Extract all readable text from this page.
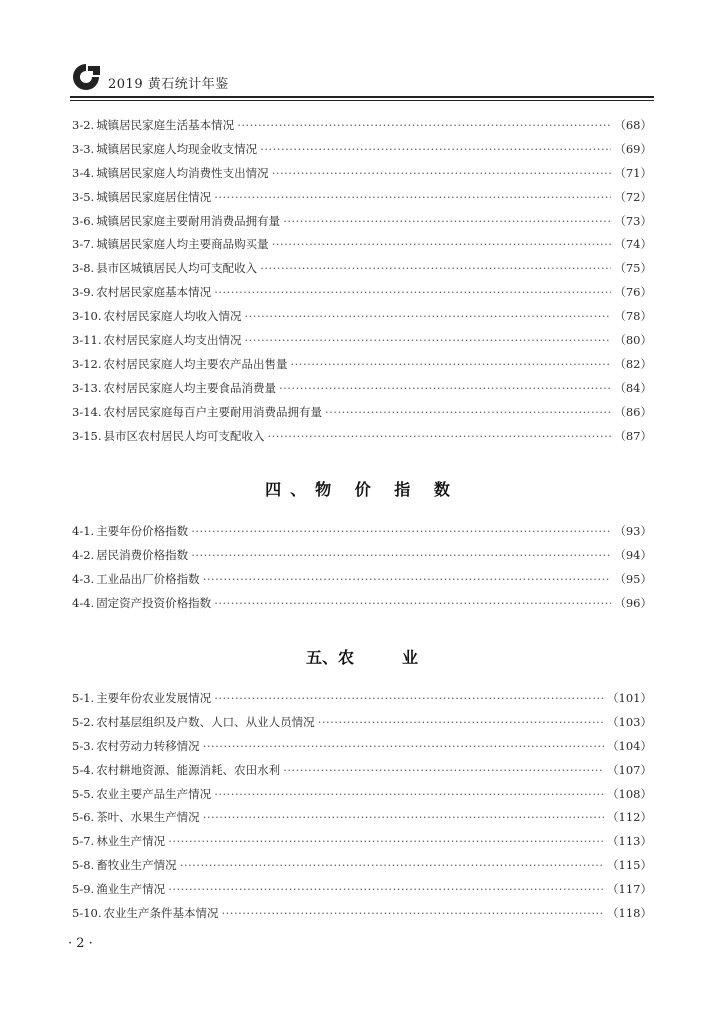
2019 黄石统计年鉴
3-2. 城镇居民家庭生活基本情况 ·····	（68）
3-3. 城镇居民家庭人均现金收支情况 ·····	（69）
3-4. 城镇居民家庭人均消费性支出情况 ·····	（71）
3-5. 城镇居民家庭居住情况 ·····	（72）
3-6. 城镇居民家庭主要耐用消费品拥有量 ·····	（73）
3-7. 城镇居民家庭人均主要商品购买量 ·····	（74）
3-8. 县市区城镇居民人均可支配收入 ·····	（75）
3-9. 农村居民家庭基本情况 ·····	（76）
3-10. 农村居民家庭人均收入情况 ·····	（78）
3-11. 农村居民家庭人均支出情况 ·····	（80）
3-12. 农村居民家庭人均主要农产品出售量 ·····	（82）
3-13. 农村居民家庭人均主要食品消费量 ·····	（84）
3-14. 农村居民家庭每百户主要耐用消费品拥有量 ·····	（86）
3-15. 县市区农村居民人均可支配收入 ·····	（87）
四、物 价 指 数
4-1. 主要年份价格指数 ·····	（93）
4-2. 居民消费价格指数 ·····	（94）
4-3. 工业品出厂价格指数 ·····	（95）
4-4. 固定资产投资价格指数 ·····	（96）
五、农　　　业
5-1. 主要年份农业发展情况 ·····	（101）
5-2. 农村基层组织及户数、人口、从业人员情况 ·····	（103）
5-3. 农村劳动力转移情况 ·····	（104）
5-4. 农村耕地资源、能源消耗、农田水利 ·····	（107）
5-5. 农业主要产品生产情况 ·····	（108）
5-6. 茶叶、水果生产情况 ·····	（112）
5-7. 林业生产情况 ·····	（113）
5-8. 畜牧业生产情况 ·····	（115）
5-9. 渔业生产情况 ·····	（117）
5-10. 农业生产条件基本情况 ·····	（118）
· 2 ·
